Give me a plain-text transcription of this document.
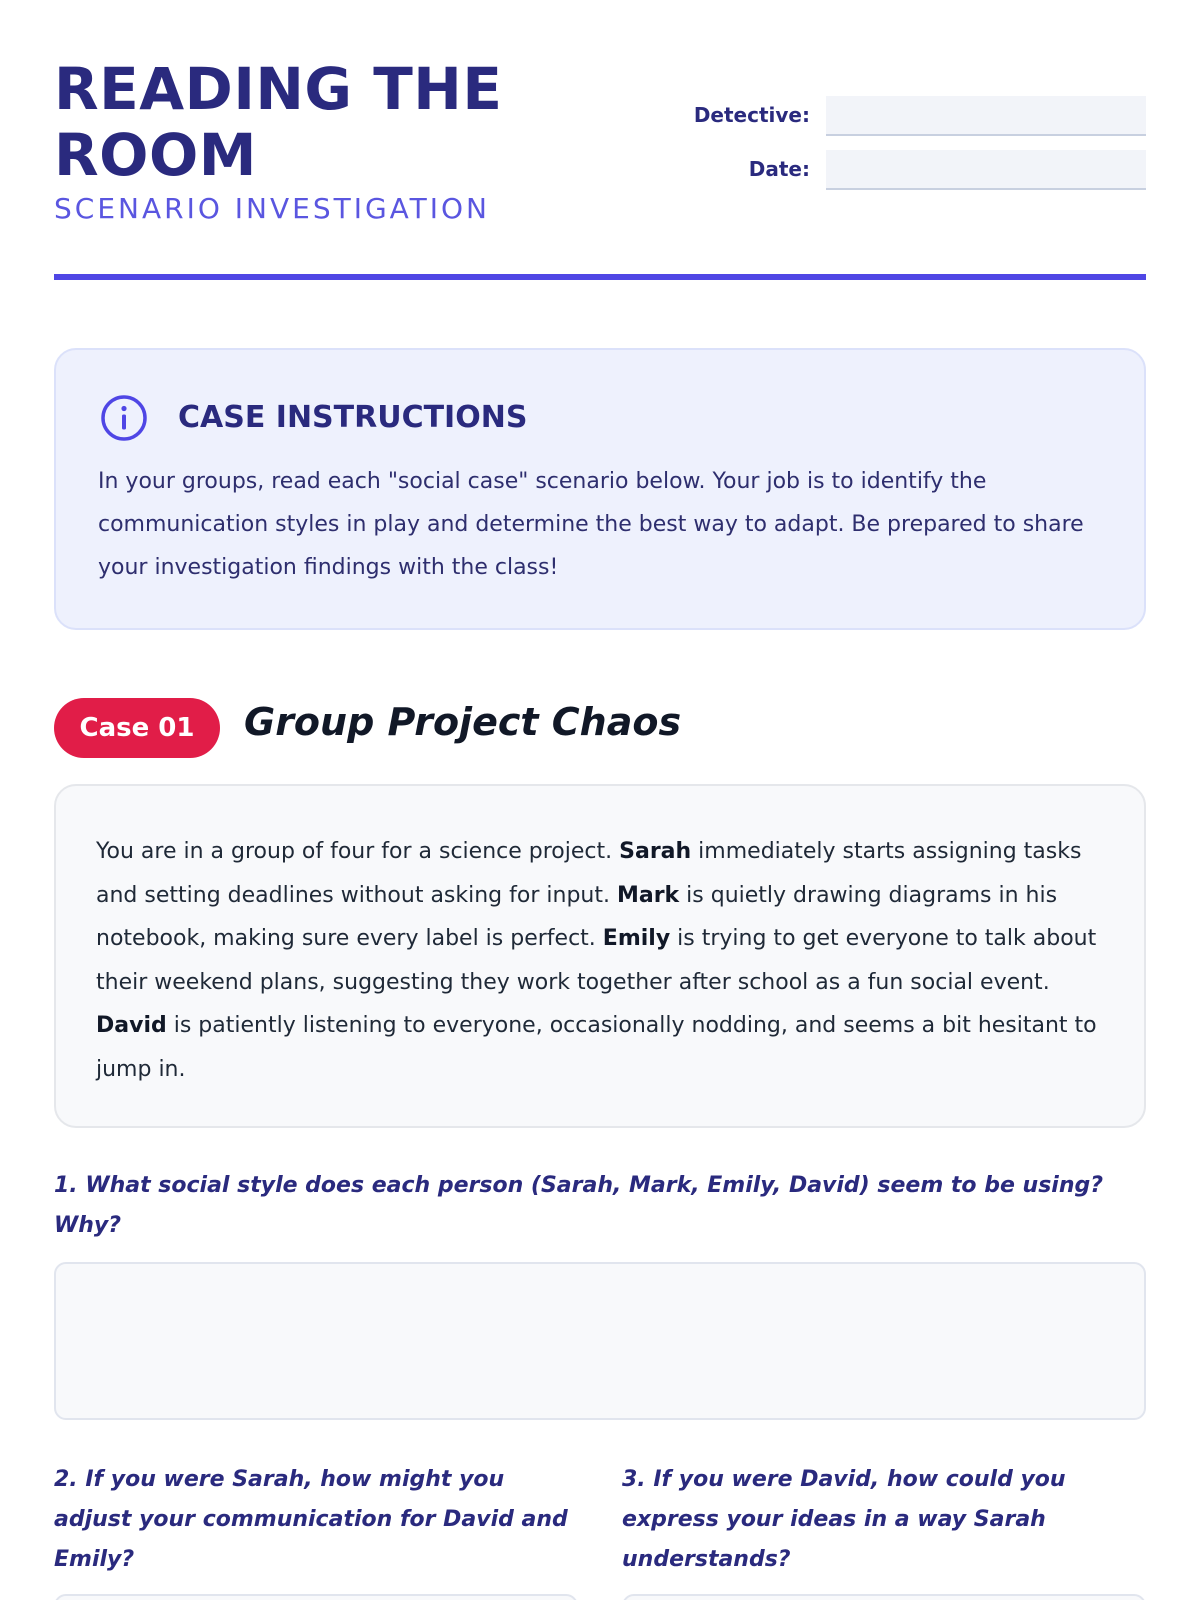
READING THE ROOM
SCENARIO INVESTIGATION
Detective:
Date:
CASE INSTRUCTIONS

In your groups, read each "social case" scenario below. Your job is to identify the communication styles in play and determine the best way to adapt. Be prepared to share your investigation findings with the class!

Case 01	Group Project Chaos

You are in a group of four for a science project. Sarah immediately starts assigning tasks and setting deadlines without asking for input. Mark is quietly drawing diagrams in his notebook, making sure every label is perfect. Emily is trying to get everyone to talk about their weekend plans, suggesting they work together after school as a fun social event. David is patiently listening to everyone, occasionally nodding, and seems a bit hesitant to jump in.

1. What social style does each person (Sarah, Mark, Emily, David) seem to be using? Why?
2. If you were Sarah, how might you adjust your communication for David and Emily?
3. If you were David, how could you express your ideas in a way Sarah understands?
